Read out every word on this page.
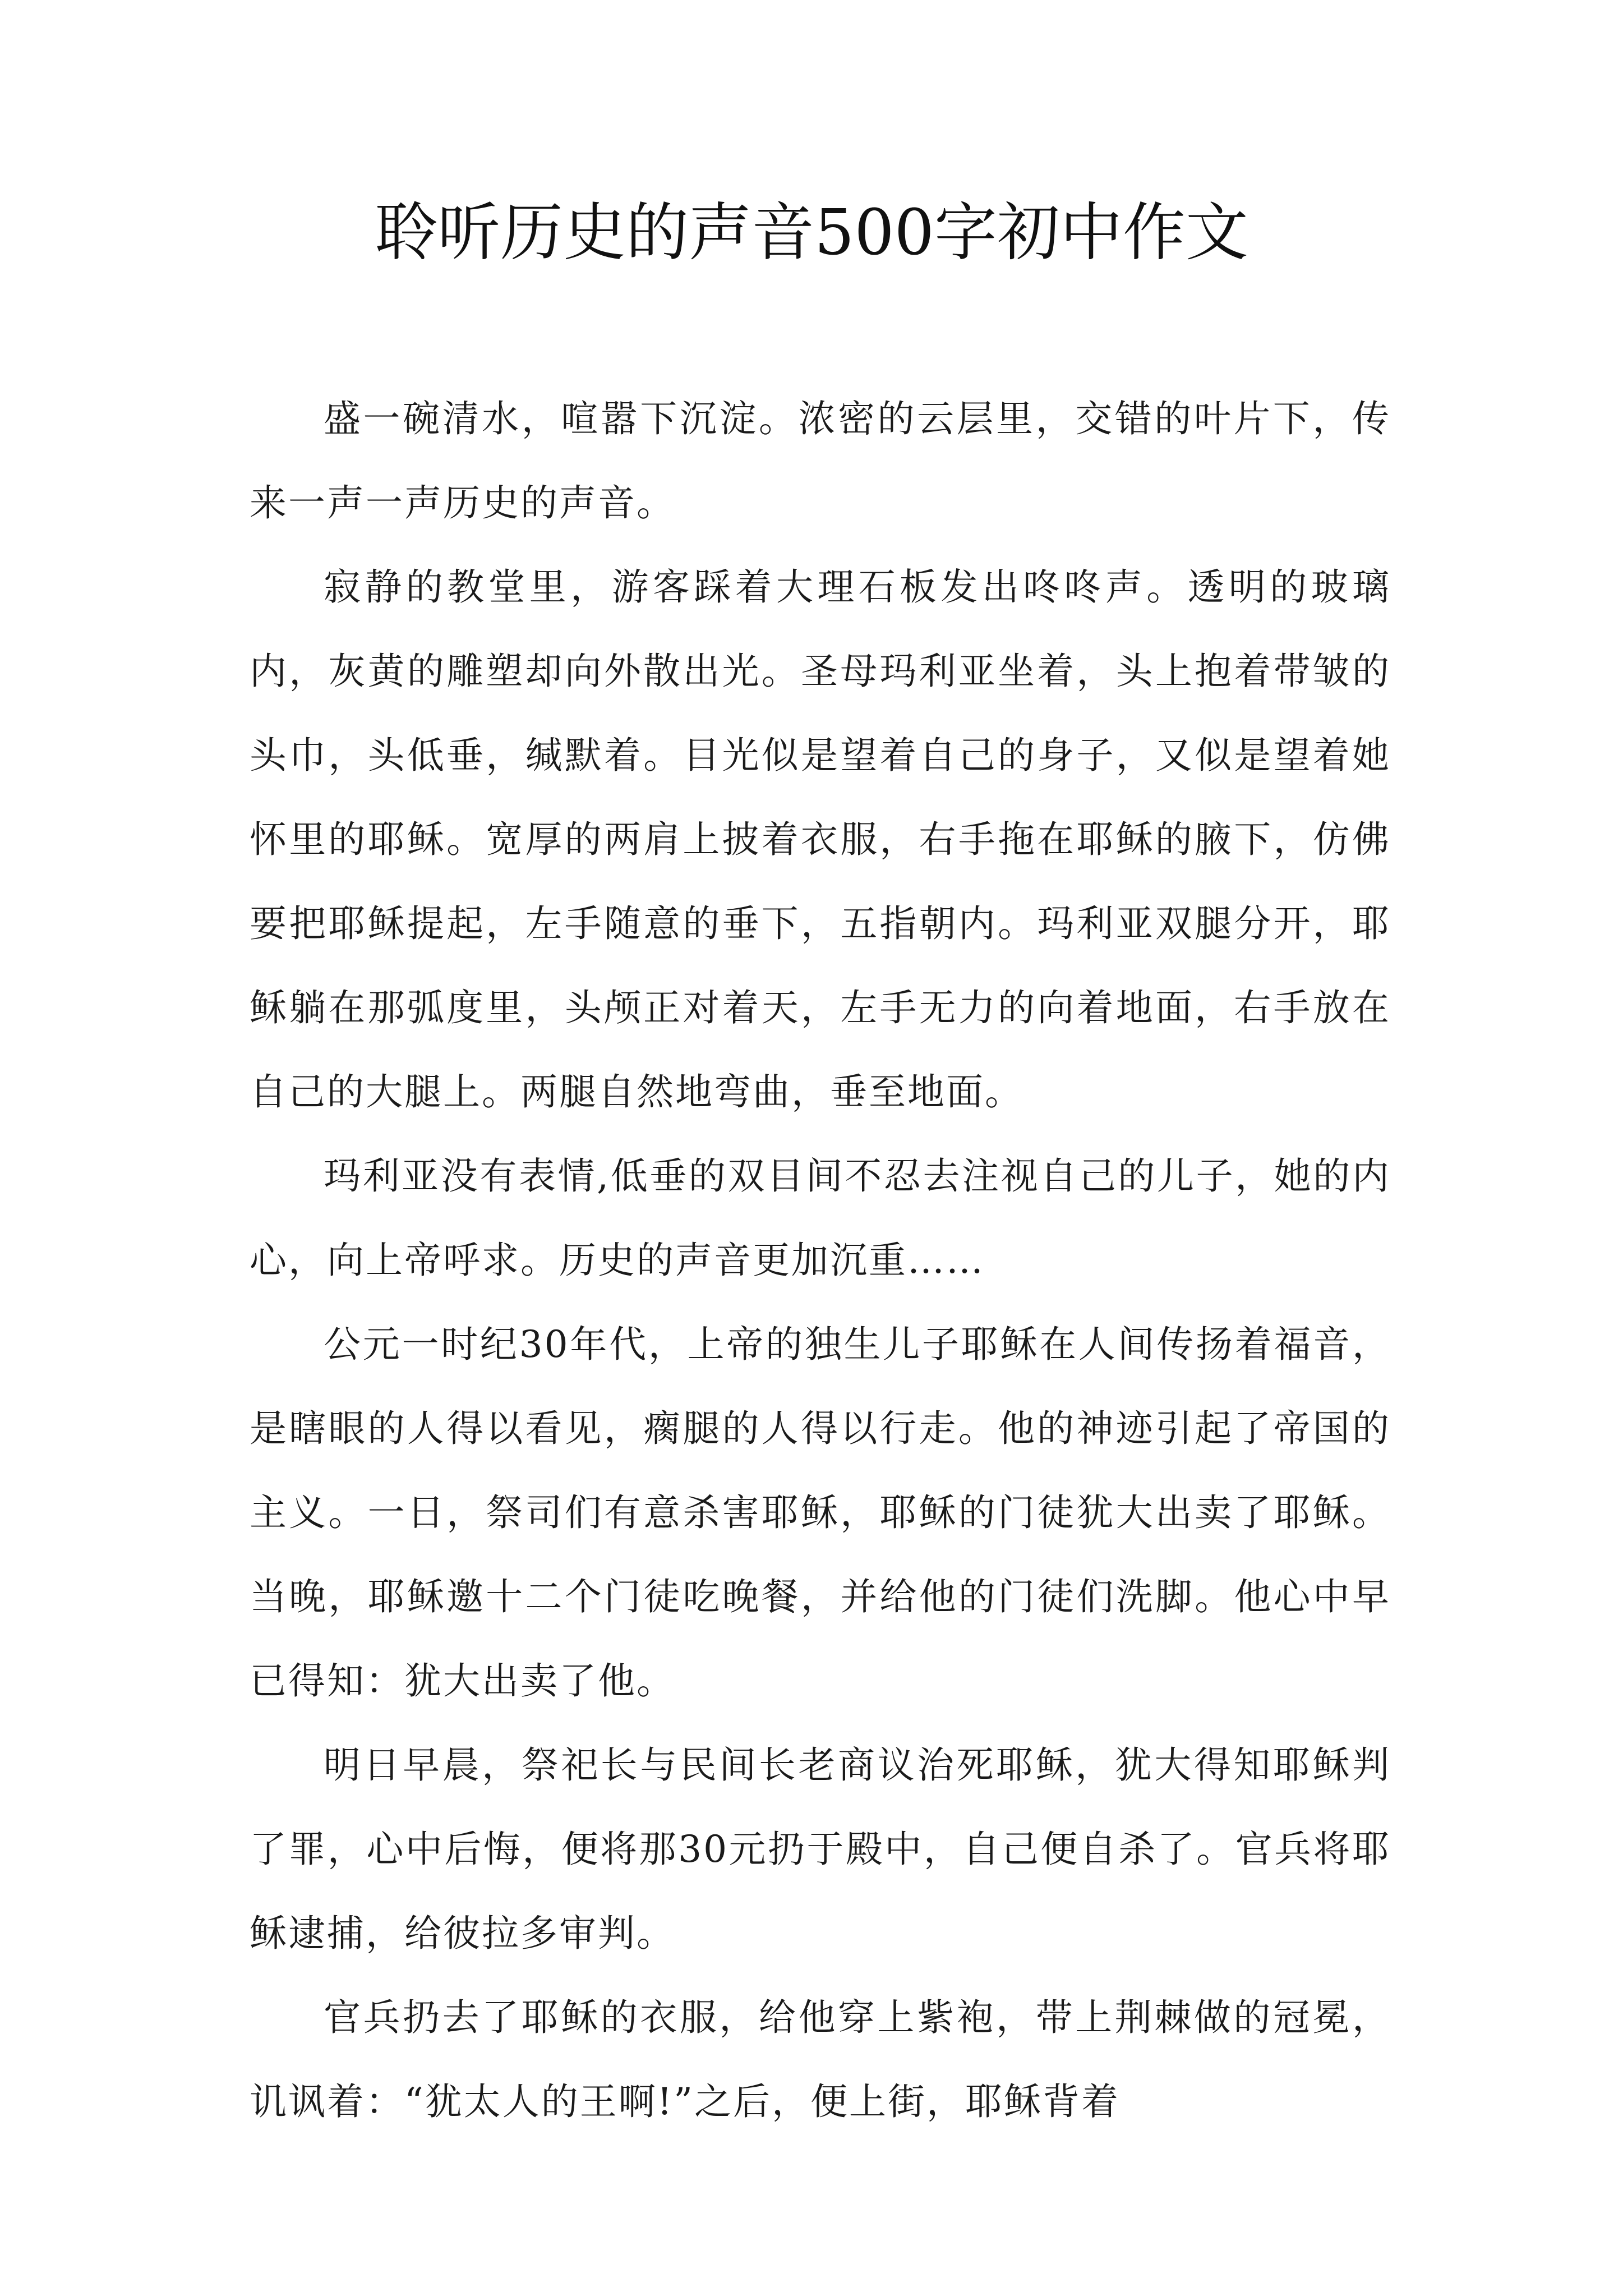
聆听历史的声音500字初中作文

盛一碗清水，喧嚣下沉淀。浓密的云层里，交错的叶片下，传来一声一声历史的声音。

寂静的教堂里，游客踩着大理石板发出咚咚声。透明的玻璃内，灰黄的雕塑却向外散出光。圣母玛利亚坐着，头上抱着带皱的头巾，头低垂，缄默着。目光似是望着自己的身子，又似是望着她怀里的耶稣。宽厚的两肩上披着衣服，右手拖在耶稣的腋下，仿佛要把耶稣提起，左手随意的垂下，五指朝内。玛利亚双腿分开，耶稣躺在那弧度里，头颅正对着天，左手无力的向着地面，右手放在自己的大腿上。两腿自然地弯曲，垂至地面。

玛利亚没有表情,低垂的双目间不忍去注视自己的儿子，她的内心，向上帝呼求。历史的声音更加沉重……

公元一时纪30年代，上帝的独生儿子耶稣在人间传扬着福音，是瞎眼的人得以看见，瘸腿的人得以行走。他的神迹引起了帝国的主义。一日，祭司们有意杀害耶稣，耶稣的门徒犹大出卖了耶稣。当晚，耶稣邀十二个门徒吃晚餐，并给他的门徒们洗脚。他心中早已得知：犹大出卖了他。

明日早晨，祭祀长与民间长老商议治死耶稣，犹大得知耶稣判了罪，心中后悔，便将那30元扔于殿中，自己便自杀了。官兵将耶稣逮捕，给彼拉多审判。

官兵扔去了耶稣的衣服，给他穿上紫袍，带上荆棘做的冠冕，讥讽着：“犹太人的王啊!”之后，便上街，耶稣背着
